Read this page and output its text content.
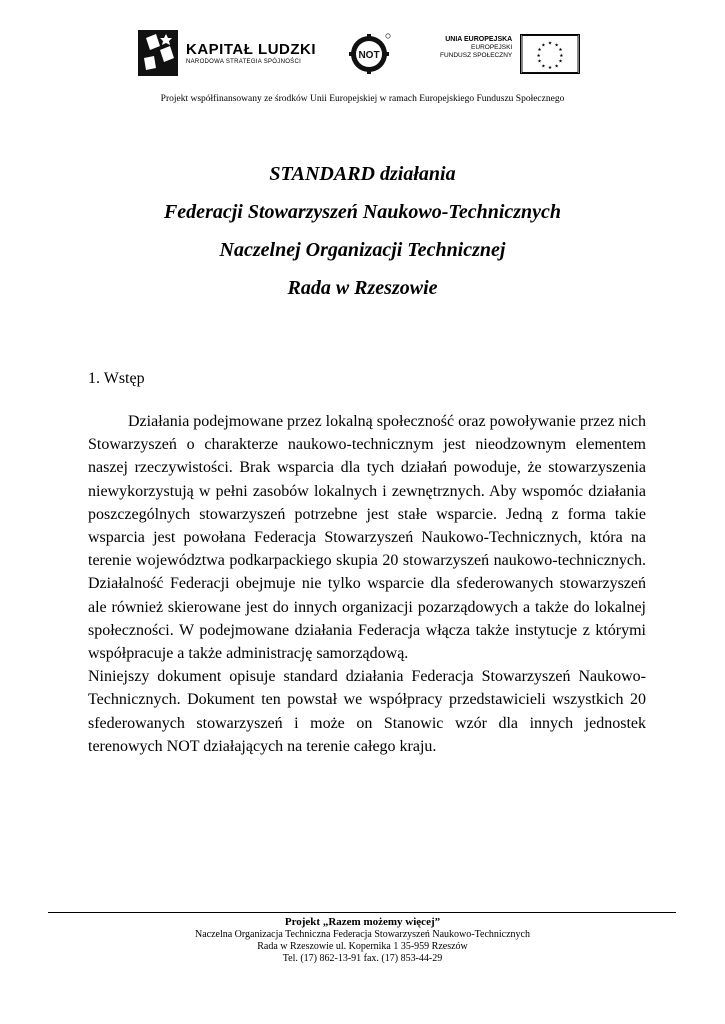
KAPITAŁ LUDZKI
NARODOWA STRATEGIA SPÓJNOŚCI
NOT
UNIA EUROPEJSKA
EUROPEJSKI
FUNDUSZ SPOŁECZNY
★ ★
★
★
★
★
★
★
★
★
★
★
Projekt współfinansowany ze środków Unii Europejskiej w ramach Europejskiego Funduszu Społecznego
STANDARD działania
Federacji Stowarzyszeń Naukowo-Technicznych
Naczelnej Organizacji Technicznej
Rada w Rzeszowie
1. Wstęp

Działania podejmowane przez lokalną społeczność oraz powoływanie przez nich Stowarzyszeń o charakterze naukowo-technicznym jest nieodzownym elementem naszej rzeczywistości. Brak wsparcia dla tych działań powoduje, że stowarzyszenia niewykorzystują w pełni zasobów lokalnych i zewnętrznych. Aby wspomóc działania poszczególnych stowarzyszeń potrzebne jest stałe wsparcie. Jedną z forma takie wsparcia jest powołana Federacja Stowarzyszeń Naukowo-Technicznych, która na terenie województwa podkarpackiego skupia 20 stowarzyszeń naukowo-technicznych. Działalność Federacji obejmuje nie tylko wsparcie dla sfederowanych stowarzyszeń ale również skierowane jest do innych organizacji pozarządowych a także do lokalnej społeczności. W podejmowane działania Federacja włącza także instytucje z którymi współpracuje a także administrację samorządową.

Niniejszy dokument opisuje standard działania Federacja Stowarzyszeń Naukowo-Technicznych. Dokument ten powstał we współpracy przedstawicieli wszystkich 20 sfederowanych stowarzyszeń i może on Stanowic wzór dla innych jednostek terenowych NOT działających na terenie całego kraju.

Projekt „Razem możemy więcej”
Naczelna Organizacja Techniczna Federacja Stowarzyszeń Naukowo-Technicznych
Rada w Rzeszowie ul. Kopernika 1 35-959 Rzeszów
Tel. (17) 862-13-91 fax. (17) 853-44-29
